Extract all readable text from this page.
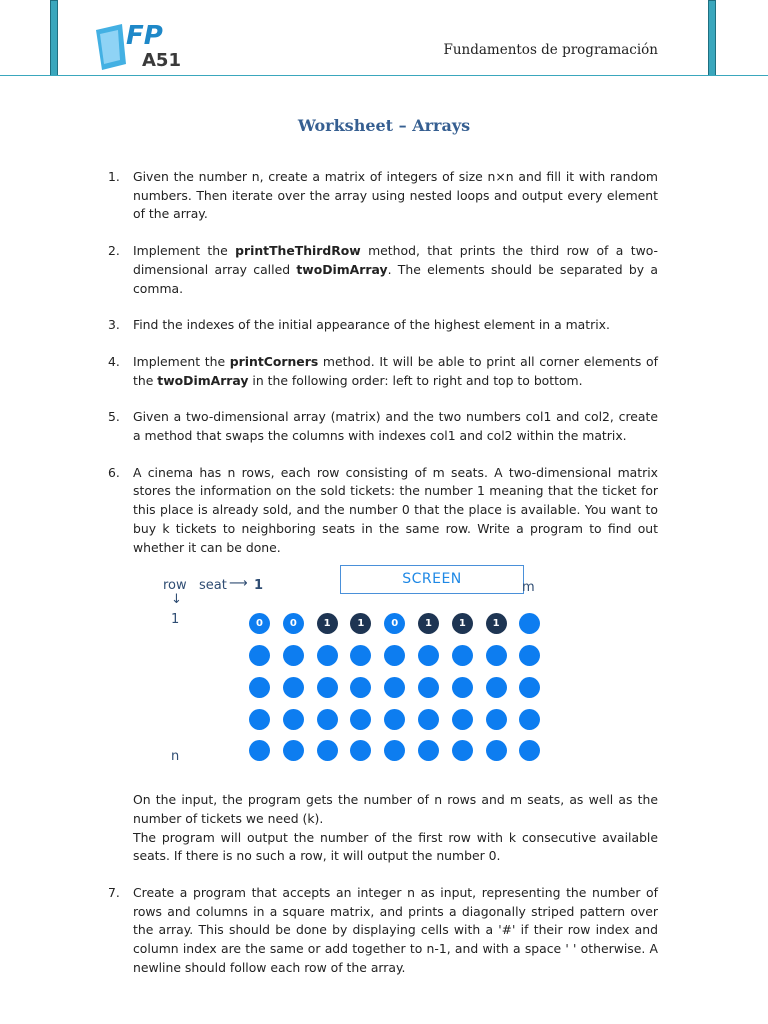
FP
A51	Fundamentos de programación
Worksheet – Arrays
1. Given the number n, create a matrix of integers of size n×n and fill it with random numbers. Then iterate over the array using nested loops and output every element of the array.
2. Implement the printTheThirdRow method, that prints the third row of a two-dimensional array called twoDimArray. The elements should be separated by a comma.
3. Find the indexes of the initial appearance of the highest element in a matrix.
4. Implement the printCorners method. It will be able to print all corner elements of the twoDimArray in the following order: left to right and top to bottom.
5. Given a two-dimensional array (matrix) and the two numbers col1 and col2, create a method that swaps the columns with indexes col1 and col2 within the matrix.
6. A cinema has n rows, each row consisting of m seats. A two-dimensional matrix stores the information on the sold tickets: the number 1 meaning that the ticket for this place is already sold, and the number 0 that the place is available. You want to buy k tickets to neighboring seats in the same row. Write a program to find out whether it can be done.
row seat ⟶ 1
↓
1
SCREEN
m
n
0	0	1	1	0	1	1	1
On the input, the program gets the number of n rows and m seats, as well as the number of tickets we need (k).
The program will output the number of the first row with k consecutive available seats. If there is no such a row, it will output the number 0.
7. Create a program that accepts an integer n as input, representing the number of rows and columns in a square matrix, and prints a diagonally striped pattern over the array. This should be done by displaying cells with a '#' if their row index and column index are the same or add together to n-1, and with a space ' ' otherwise. A newline should follow each row of the array.
